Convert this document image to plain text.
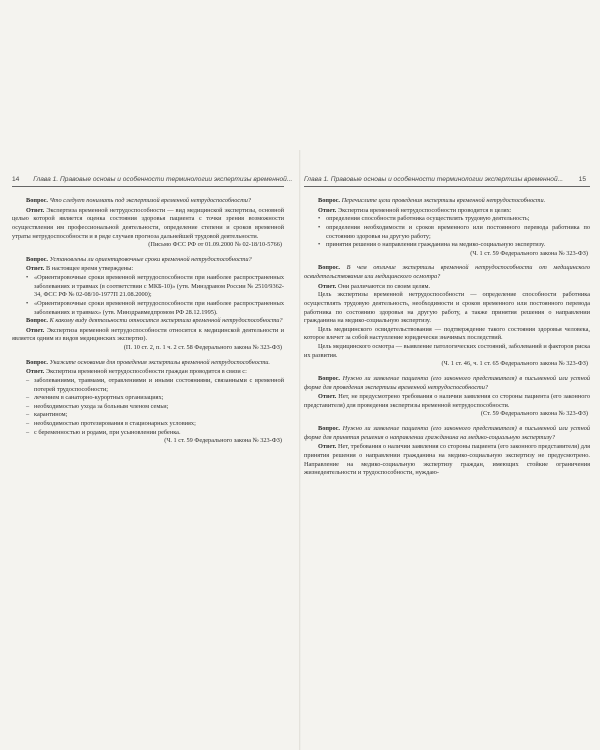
14 Глава 1. Правовые основы и особенности терминологии экспертизы временной...	Глава 1. Правовые основы и особенности терминологии экспертизы временной... 15

Вопрос. Что следует понимать под экспертизой временной нетрудоспособности?

Ответ. Экспертиза временной нетрудоспособности — вид медицинской экспертизы, основной целью которой является оценка состояния здоровья пациента с точки зрения возможности осуществления им профессиональной деятельности, определение степени и сроков временной утраты нетрудоспособности и в ряде случаев прогноза дальнейшей трудовой деятельности.

(Письмо ФСС РФ от 01.09.2000 № 02-18/10-5766)

Вопрос. Установлены ли ориентировочные сроки временной нетрудоспособности?

Ответ. В настоящее время утверждены:

• «Ориентировочные сроки временной нетрудоспособности при наиболее распространенных заболеваниях и травмах (в соответствии с МКБ-10)» (утв. Минздравом России № 2510/9362-34, ФСС РФ № 02-08/10-1977П 21.08.2000);
• «Ориентировочные сроки временной нетрудоспособности при наиболее распространенных заболеваниях и травмах» (утв. Минздравмедпромом РФ 28.12.1995).

Вопрос. К какому виду деятельности относится экспертиза временной нетрудоспособности?

Ответ. Экспертиза временной нетрудоспособности относится к медицинской деятельности и является одним из видов медицинских экспертиз).

(П. 10 ст. 2, п. 1 ч. 2 ст. 58 Федерального закона № 323-ФЗ)

Вопрос. Укажите основания для проведения экспертизы временной нетрудоспособности.

Ответ. Экспертиза временной нетрудоспособности граждан проводится в связи с:

– заболеваниями, травмами, отравлениями и иными состояниями, связанными с временной потерей трудоспособности;
– лечением в санаторно-курортных организациях;
– необходимостью ухода за больным членом семьи;
– карантином;
– необходимостью протезирования в стационарных условиях;
– с беременностью и родами, при усыновлении ребенка.

(Ч. 1 ст. 59 Федерального закона № 323-ФЗ)

Вопрос. Перечислите цели проведения экспертизы временной нетрудоспособности.

Ответ. Экспертиза временной нетрудоспособности проводится в целях:

• определения способности работника осуществлять трудовую деятельность;
• определения необходимости и сроков временного или постоянного перевода работника по состоянию здоровья на другую работу;
• принятия решения о направлении гражданина на медико-социальную экспертизу.

(Ч. 1 ст. 59 Федерального закона № 323-ФЗ)

Вопрос. В чем отличие экспертизы временной нетрудоспособности от медицинского освидетельствования или медицинского осмотра?

Ответ. Они различаются по своим целям.

Цель экспертизы временной нетрудоспособности — определение способности работника осуществлять трудовую деятельность, необходимости и сроков временного или постоянного перевода работника по состоянию здоровья на другую работу, а также принятия решения о направлении гражданина на медико-социальную экспертизу.

Цель медицинского освидетельствования — подтверждение такого состояния здоровья человека, которое влечет за собой наступление юридически значимых последствий.

Цель медицинского осмотра — выявление патологических состояний, заболеваний и факторов риска их развития.

(Ч. 1 ст. 46, ч. 1 ст. 65 Федерального закона № 323-ФЗ)

Вопрос. Нужно ли заявление пациента (его законного представителя) в письменной или устной форме для проведения экспертизы временной нетрудоспособности?

Ответ. Нет, не предусмотрено требования о наличии заявления со стороны пациента (его законного представителя) для проведения экспертизы временной нетрудоспособности.

(Ст. 59 Федерального закона № 323-ФЗ)

Вопрос. Нужно ли заявление пациента (его законного представителя) в письменной или устной форме для принятия решения о направлении гражданина на медико-социальную экспертизу?

Ответ. Нет, требования о наличии заявления со стороны пациента (его законного представителя) для принятия решения о направлении гражданина на медико-социальную экспертизу не предусмотрено. Направление на медико-социальную экспертизу граждан, имеющих стойкие ограничения жизнедеятельности и трудоспособности, нуждаю-
